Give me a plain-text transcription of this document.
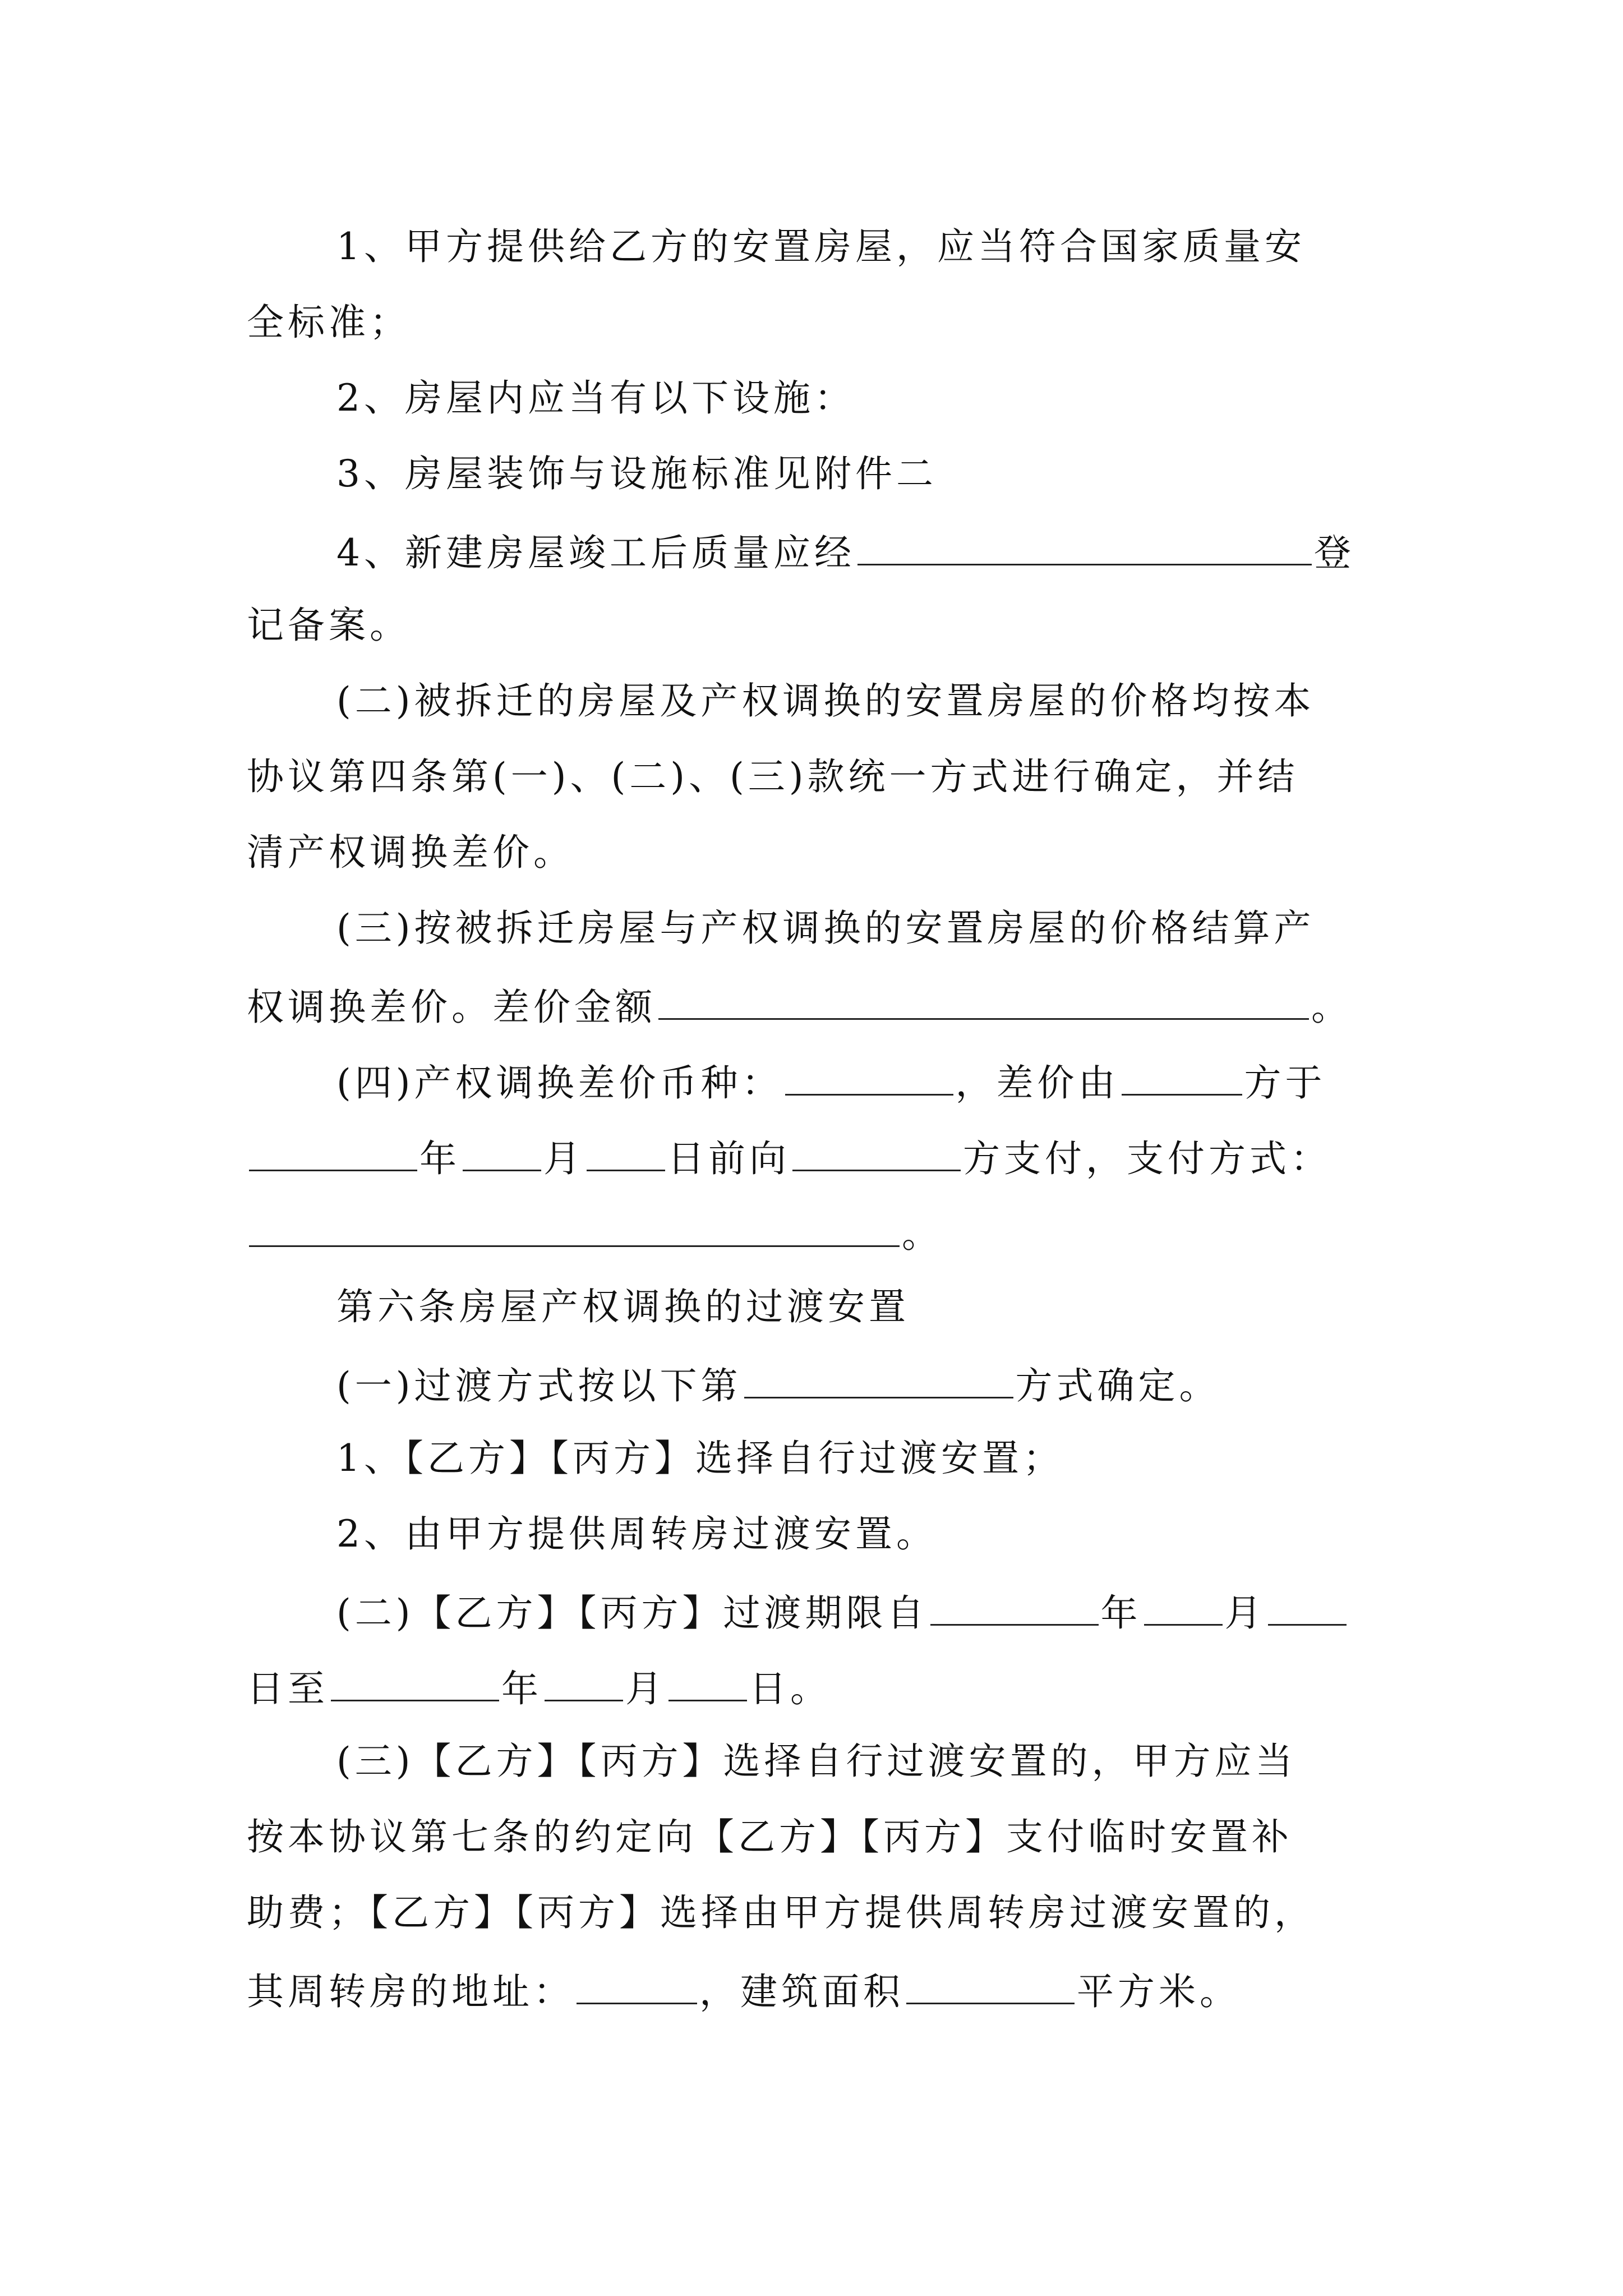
1、甲方提供给乙方的安置房屋，应当符合国家质量安
全标准；
2、房屋内应当有以下设施：
3、房屋装饰与设施标准见附件二
4、新建房屋竣工后质量应经	登
记备案。
(二)被拆迁的房屋及产权调换的安置房屋的价格均按本
协议第四条第(一)、(二)、(三)款统一方式进行确定，并结
清产权调换差价。
(三)按被拆迁房屋与产权调换的安置房屋的价格结算产
权调换差价。差价金额	。
(四)产权调换差价币种：	，差价由	方于
年 月 日前向	方支付，支付方式：
。
第六条房屋产权调换的过渡安置
(一)过渡方式按以下第	方式确定。
1、【乙方】【丙方】选择自行过渡安置；
2、由甲方提供周转房过渡安置。
(二)【乙方】【丙方】过渡期限自	年 月
日至	年 月 日。
(三)【乙方】【丙方】选择自行过渡安置的，甲方应当
按本协议第七条的约定向【乙方】【丙方】支付临时安置补
助费；【乙方】【丙方】选择由甲方提供周转房过渡安置的，
其周转房的地址：	，建筑面积	平方米。
